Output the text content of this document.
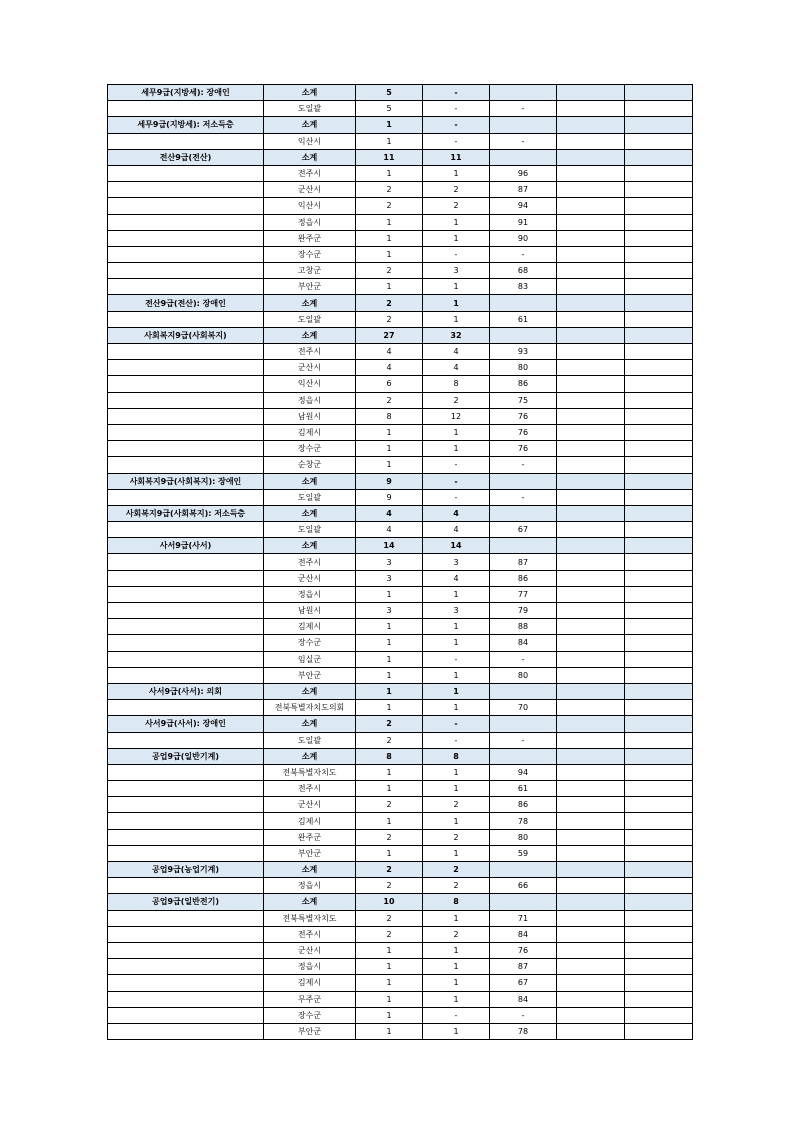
세무9급(지방세): 장애인	소계	5	-			
	도일괄	5	-	-		
세무9급(지방세): 저소득층	소계	1	-			
	익산시	1	-	-		
전산9급(전산)	소계	11	11			
	전주시	1	1	96		
	군산시	2	2	87		
	익산시	2	2	94		
	정읍시	1	1	91		
	완주군	1	1	90		
	장수군	1	-	-		
	고창군	2	3	68		
	부안군	1	1	83		
전산9급(전산): 장애인	소계	2	1			
	도일괄	2	1	61		
사회복지9급(사회복지)	소계	27	32			
	전주시	4	4	93		
	군산시	4	4	80		
	익산시	6	8	86		
	정읍시	2	2	75		
	남원시	8	12	76		
	김제시	1	1	76		
	장수군	1	1	76		
	순창군	1	-	-		
사회복지9급(사회복지): 장애인	소계	9	-			
	도일괄	9	-	-		
사회복지9급(사회복지): 저소득층	소계	4	4			
	도일괄	4	4	67		
사서9급(사서)	소계	14	14			
	전주시	3	3	87		
	군산시	3	4	86		
	정읍시	1	1	77		
	남원시	3	3	79		
	김제시	1	1	88		
	장수군	1	1	84		
	임실군	1	-	-		
	부안군	1	1	80		
사서9급(사서): 의회	소계	1	1			
	전북특별자치도의회	1	1	70		
사서9급(사서): 장애인	소계	2	-			
	도일괄	2	-	-		
공업9급(일반기계)	소계	8	8			
	전북특별자치도	1	1	94		
	전주시	1	1	61		
	군산시	2	2	86		
	김제시	1	1	78		
	완주군	2	2	80		
	부안군	1	1	59		
공업9급(농업기계)	소계	2	2			
	정읍시	2	2	66		
공업9급(일반전기)	소계	10	8			
	전북특별자치도	2	1	71		
	전주시	2	2	84		
	군산시	1	1	76		
	정읍시	1	1	87		
	김제시	1	1	67		
	무주군	1	1	84		
	장수군	1	-	-		
	부안군	1	1	78		
